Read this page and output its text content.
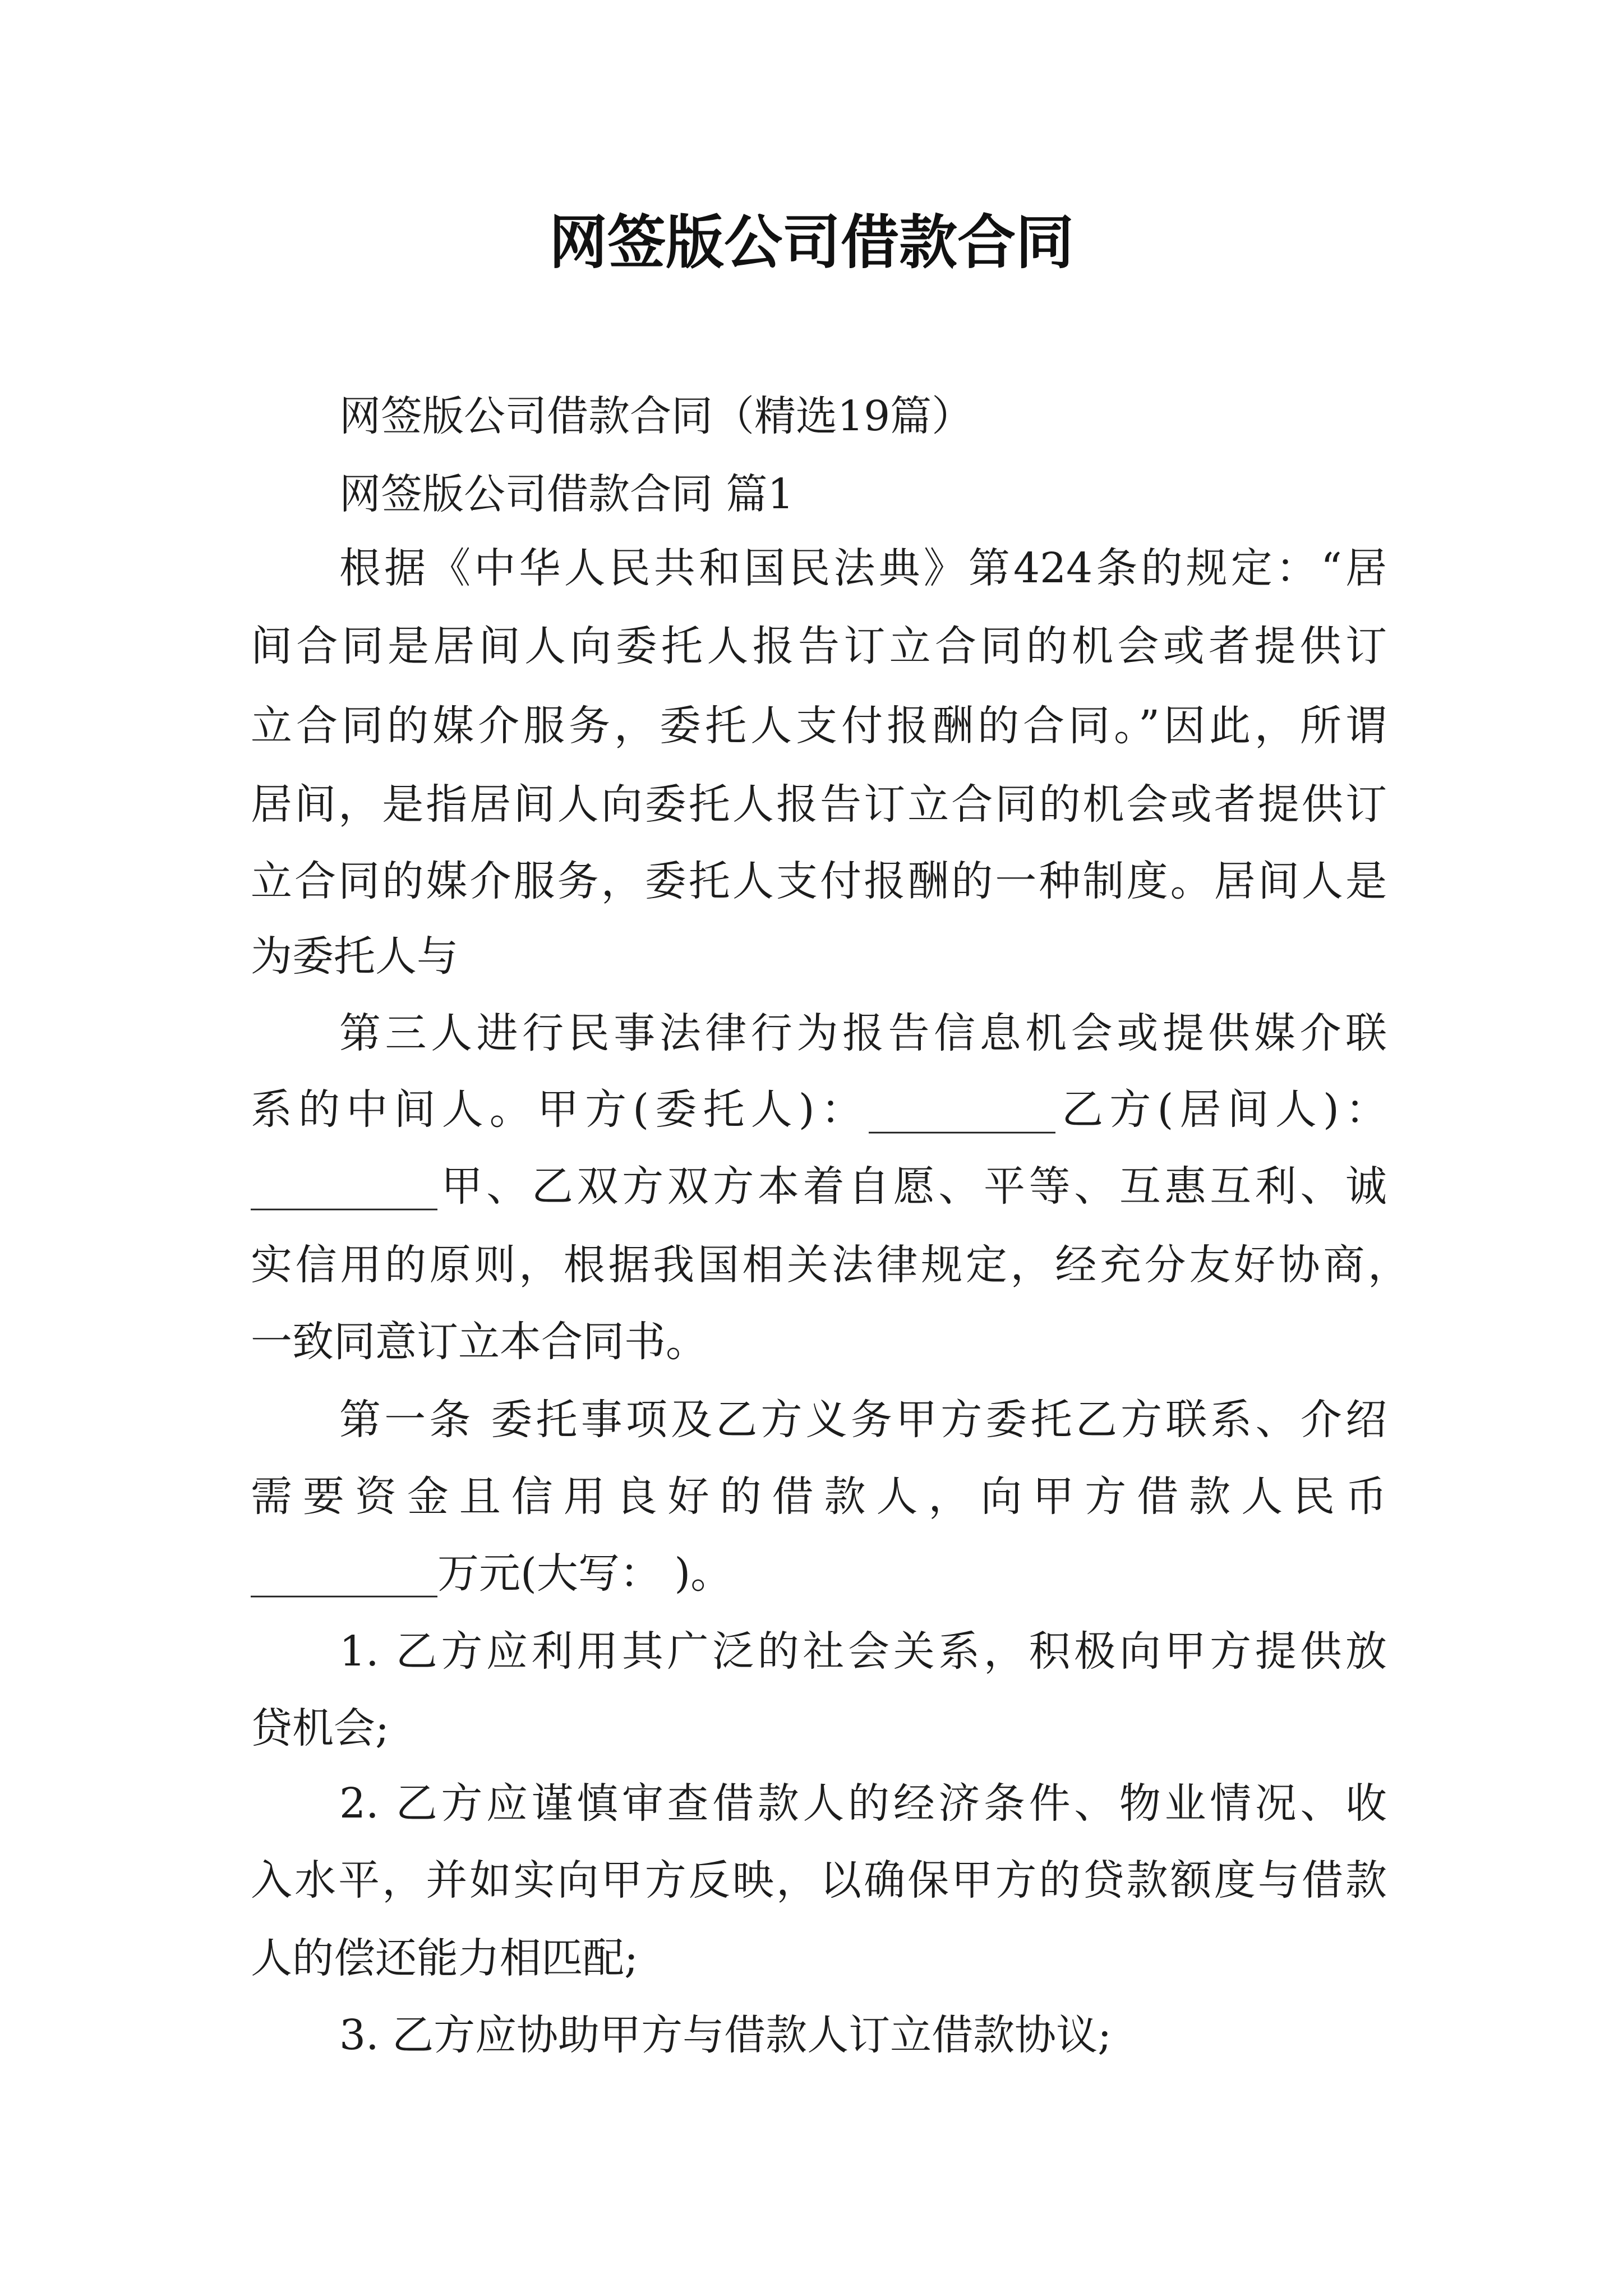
网签版公司借款合同
网签版公司借款合同（精选19篇）
网签版公司借款合同 篇1
根据《中华人民共和国民法典》第424条的规定：“居
间合同是居间人向委托人报告订立合同的机会或者提供订
立合同的媒介服务，委托人支付报酬的合同。”因此，所谓
居间，是指居间人向委托人报告订立合同的机会或者提供订
立合同的媒介服务，委托人支付报酬的一种制度。居间人是
为委托人与
第三人进行民事法律行为报告信息机会或提供媒介联
系的中间人。甲方(委托人)：_________乙方(居间人)：
_________甲、乙双方双方本着自愿、平等、互惠互利、诚
实信用的原则，根据我国相关法律规定，经充分友好协商，
一致同意订立本合同书。
第一条 委托事项及乙方义务甲方委托乙方联系、介绍
需要资金且信用良好的借款人，向甲方借款人民币
_________万元(大写： )。
1. 乙方应利用其广泛的社会关系，积极向甲方提供放
贷机会;
2. 乙方应谨慎审查借款人的经济条件、物业情况、收
入水平，并如实向甲方反映，以确保甲方的贷款额度与借款
人的偿还能力相匹配;
3. 乙方应协助甲方与借款人订立借款协议;
